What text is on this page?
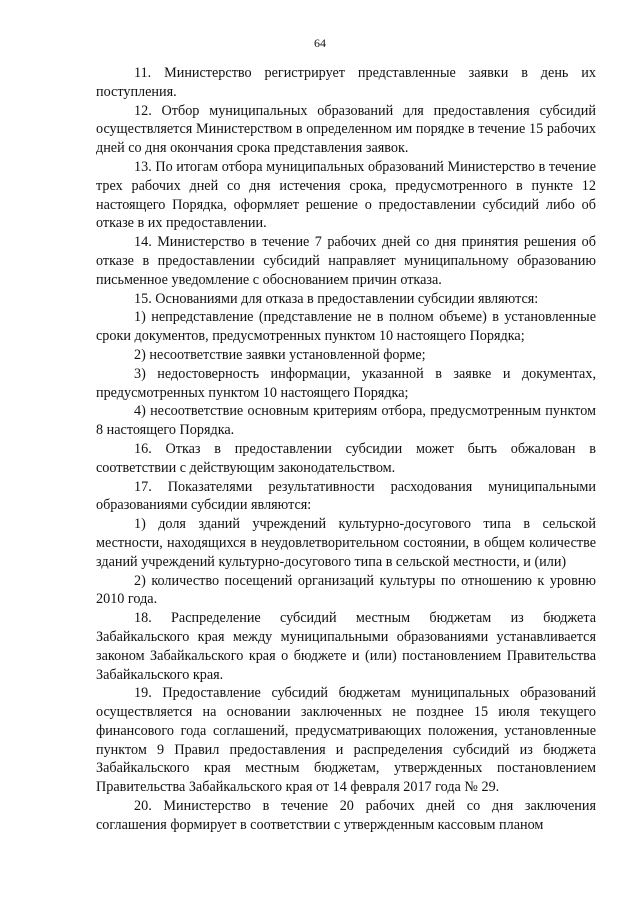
64

11. Министерство регистрирует представленные заявки в день их поступления.

12. Отбор муниципальных образований для предоставления субсидий осуществляется Министерством в определенном им порядке в течение 15 рабочих дней со дня окончания срока представления заявок.

13. По итогам отбора муниципальных образований Министерство в течение трех рабочих дней со дня истечения срока, предусмотренного в пункте 12 настоящего Порядка, оформляет решение о предоставлении субсидий либо об отказе в их предоставлении.

14. Министерство в течение 7 рабочих дней со дня принятия решения об отказе в предоставлении субсидий направляет муниципальному образованию письменное уведомление с обоснованием причин отказа.

15. Основаниями для отказа в предоставлении субсидии являются:

1) непредставление (представление не в полном объеме) в установленные сроки документов, предусмотренных пунктом 10 настоящего Порядка;

2) несоответствие заявки установленной форме;

3) недостоверность информации, указанной в заявке и документах, предусмотренных пунктом 10 настоящего Порядка;

4) несоответствие основным критериям отбора, предусмотренным пунктом 8 настоящего Порядка.

16. Отказ в предоставлении субсидии может быть обжалован в соответствии с действующим законодательством.

17. Показателями результативности расходования муниципальными образованиями субсидии являются:

1) доля зданий учреждений культурно-досугового типа в сельской местности, находящихся в неудовлетворительном состоянии, в общем количестве зданий учреждений культурно-досугового типа в сельской местности, и (или)

2) количество посещений организаций культуры по отношению к уровню 2010 года.

18. Распределение субсидий местным бюджетам из бюджета Забайкальского края между муниципальными образованиями устанавливается законом Забайкальского края о бюджете и (или) постановлением Правительства Забайкальского края.

19. Предоставление субсидий бюджетам муниципальных образований осуществляется на основании заключенных не позднее 15 июля текущего финансового года соглашений, предусматривающих положения, установленные пунктом 9 Правил предоставления и распределения субсидий из бюджета Забайкальского края местным бюджетам, утвержденных постановлением Правительства Забайкальского края от 14 февраля 2017 года № 29.

20. Министерство в течение 20 рабочих дней со дня заключения соглашения формирует в соответствии с утвержденным кассовым планом
